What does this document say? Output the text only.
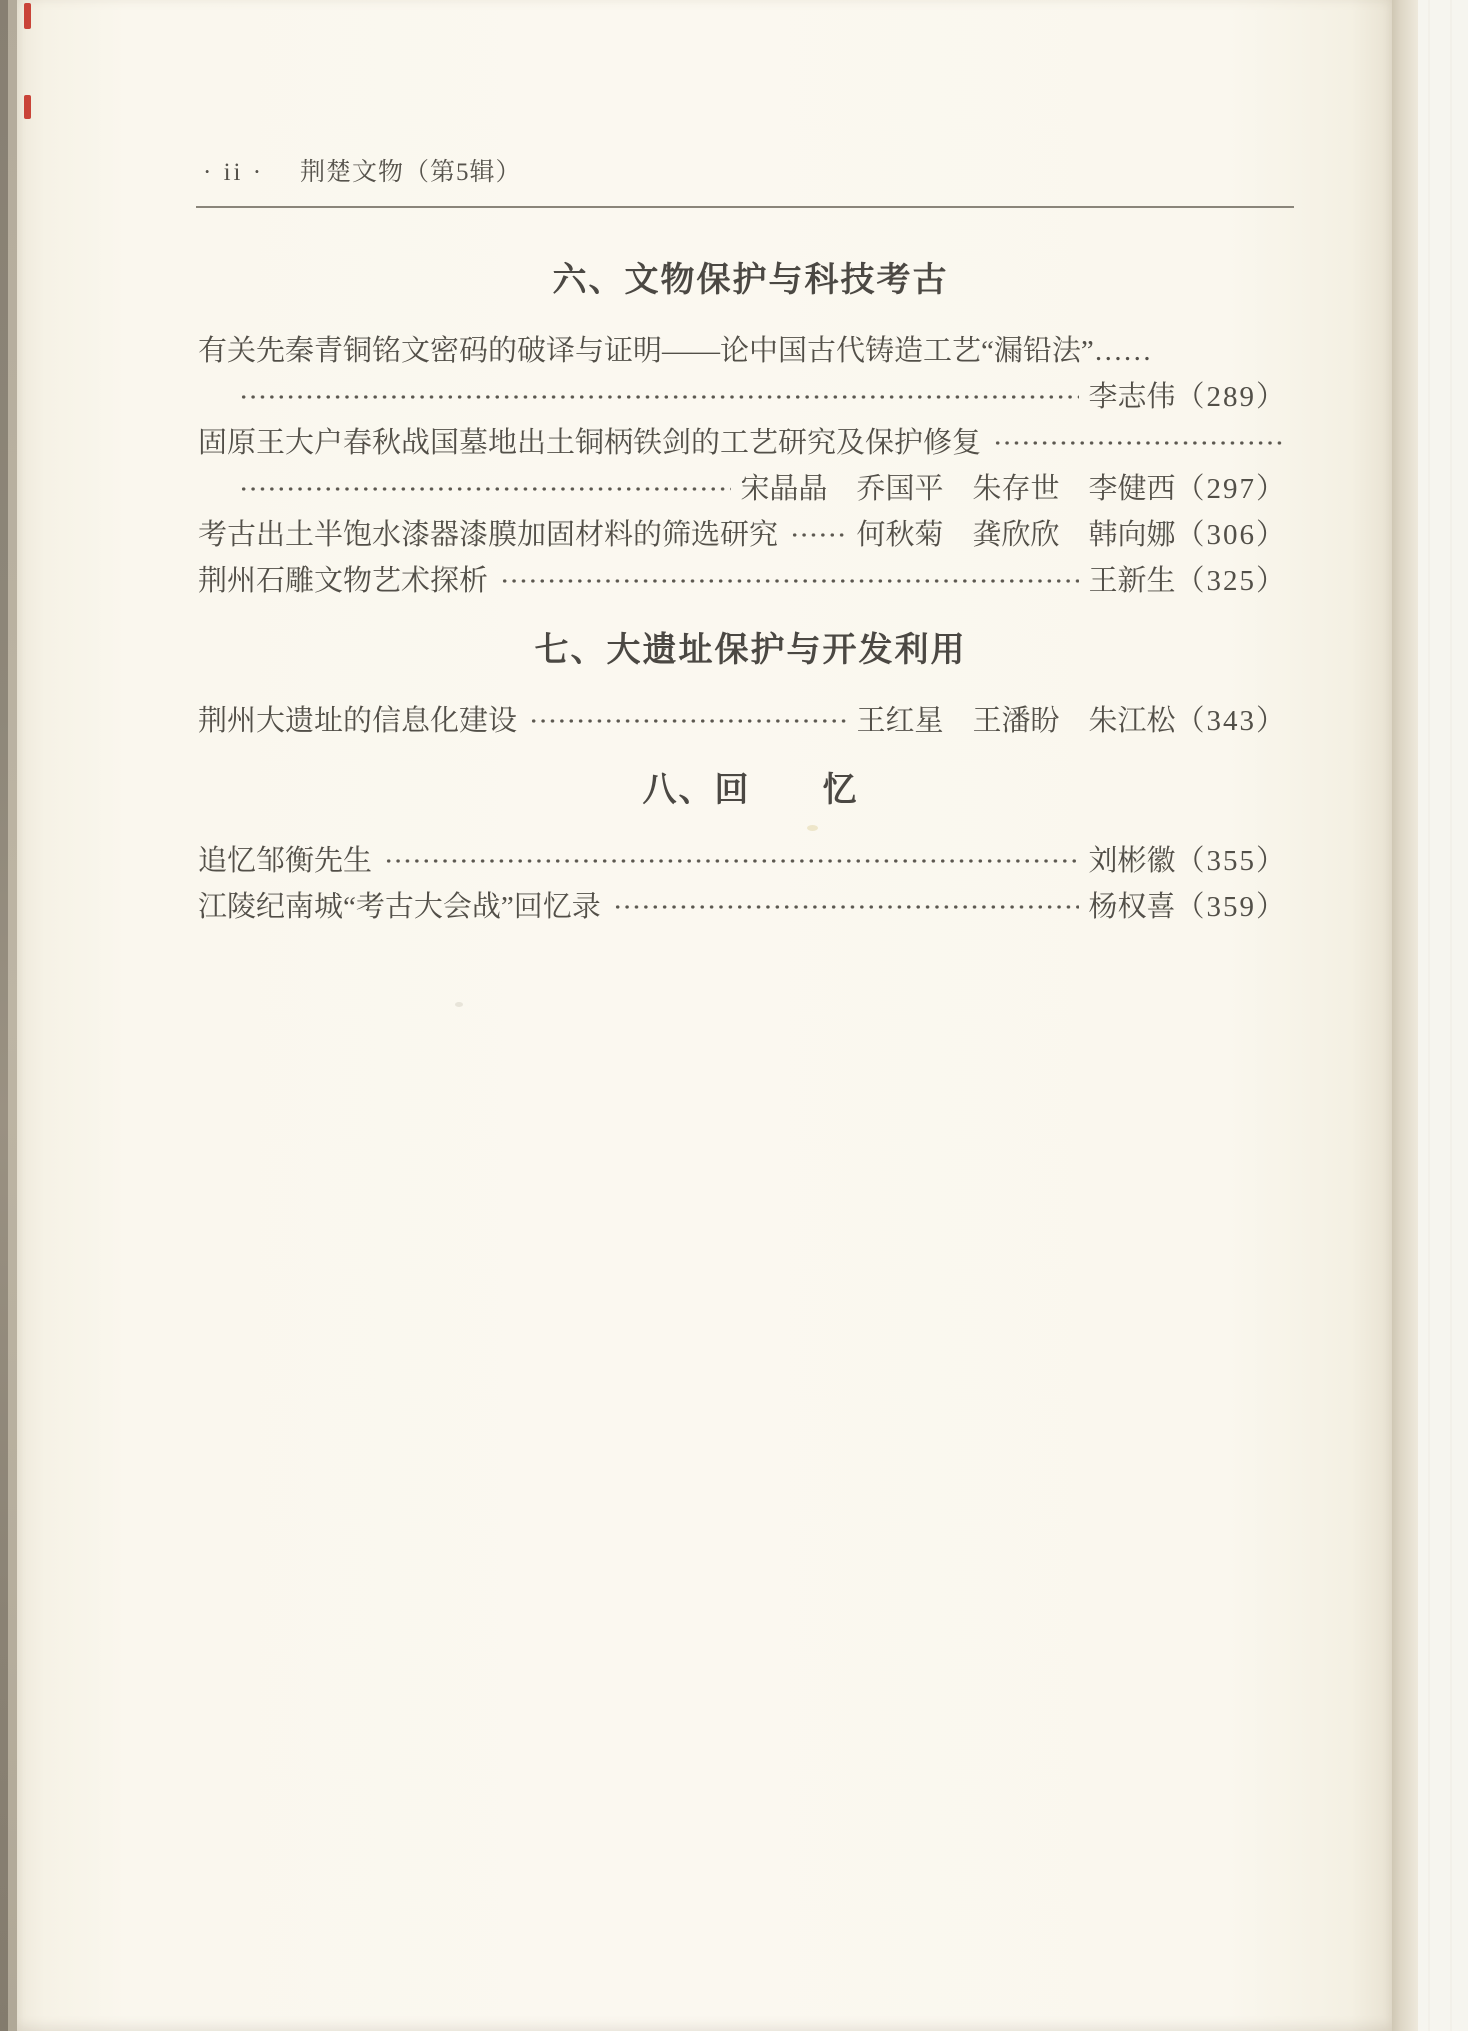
· ii · 荆楚文物（第5辑）
六、文物保护与科技考古
有关先秦青铜铭文密码的破译与证明——论中国古代铸造工艺“漏铅法”……
李志伟 （289）
固原王大户春秋战国墓地出土铜柄铁剑的工艺研究及保护修复
宋晶晶　乔国平　朱存世　李健西 （297）
考古出土半饱水漆器漆膜加固材料的筛选研究	何秋菊　龚欣欣　韩向娜 （306）
荆州石雕文物艺术探析	王新生 （325）
七、大遗址保护与开发利用
荆州大遗址的信息化建设	王红星　王潘盼　朱江松 （343）
八、回　　忆
追忆邹衡先生	刘彬徽 （355）
江陵纪南城“考古大会战”回忆录	杨权喜 （359）
